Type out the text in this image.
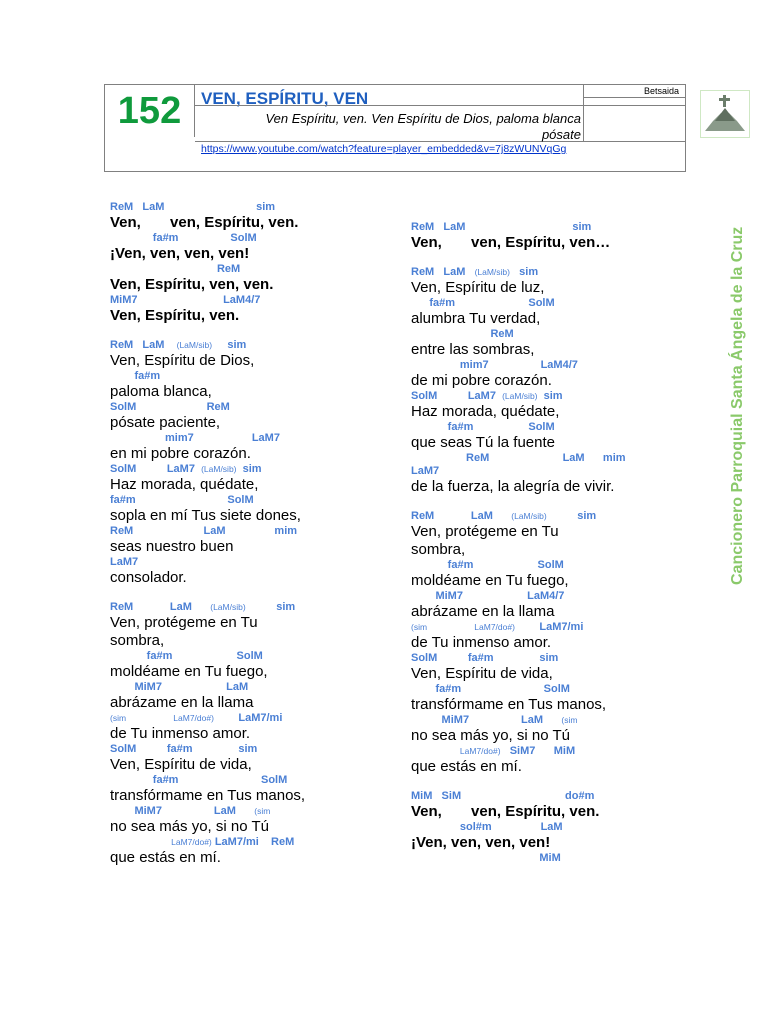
152	VEN, ESPÍRITU, VEN	Betsaida
Ven Espíritu, ven. Ven Espíritu de Dios, paloma blanca
pósate
https://www.youtube.com/watch?feature=player_embedded&v=7j8zWUNVqGg
Cancionero Parroquial Santa Ángela de la Cruz
ReM   LaM                              sim
Ven,       ven, Espíritu, ven.
fa#m                 SolM
¡Ven, ven, ven, ven!
ReM
Ven, Espíritu, ven, ven.
MiM7                            LaM4/7
Ven, Espíritu, ven.
ReM   LaM    (LaM/sib)     sim
Ven, Espíritu de Dios,
fa#m
paloma blanca,
SolM                       ReM
pósate paciente,
mim7                   LaM7
en mi pobre corazón.
SolM          LaM7  (LaM/sib)  sim
Haz morada, quédate,
fa#m                              SolM
sopla en mí Tus siete dones,
ReM                       LaM                mim
seas nuestro buen
LaM7
consolador.
ReM            LaM      (LaM/sib)          sim
Ven, protégeme en Tu
sombra,
fa#m                     SolM
moldéame en Tu fuego,
MiM7                     LaM
abrázame en la llama
(sim                    LaM7/do#)        LaM7/mi
de Tu inmenso amor.
SolM          fa#m               sim
Ven, Espíritu de vida,
fa#m                           SolM
transfórmame en Tus manos,
MiM7                 LaM      (sim
no sea más yo, si no Tú
LaM7/do#) LaM7/mi    ReM
que estás en mí.
ReM   LaM                                   sim
Ven,       ven, Espíritu, ven…
ReM   LaM   (LaM/sib)   sim
Ven, Espíritu de luz,
fa#m                        SolM
alumbra Tu verdad,
ReM
entre las sombras,
mim7                 LaM4/7
de mi pobre corazón.
SolM          LaM7  (LaM/sib)  sim
Haz morada, quédate,
fa#m                  SolM
que seas Tú la fuente
ReM                        LaM      mim
LaM7
de la fuerza, la alegría de vivir.
ReM            LaM      (LaM/sib)          sim
Ven, protégeme en Tu
sombra,
fa#m                     SolM
moldéame en Tu fuego,
MiM7                     LaM4/7
abrázame en la llama
(sim                    LaM7/do#)        LaM7/mi
de Tu inmenso amor.
SolM          fa#m               sim
Ven, Espíritu de vida,
fa#m                           SolM
transfórmame en Tus manos,
MiM7                 LaM      (sim
no sea más yo, si no Tú
LaM7/do#)   SiM7      MiM
que estás en mí.
MiM   SiM                                  do#m
Ven,       ven, Espíritu, ven.
sol#m                LaM
¡Ven, ven, ven, ven!
MiM
